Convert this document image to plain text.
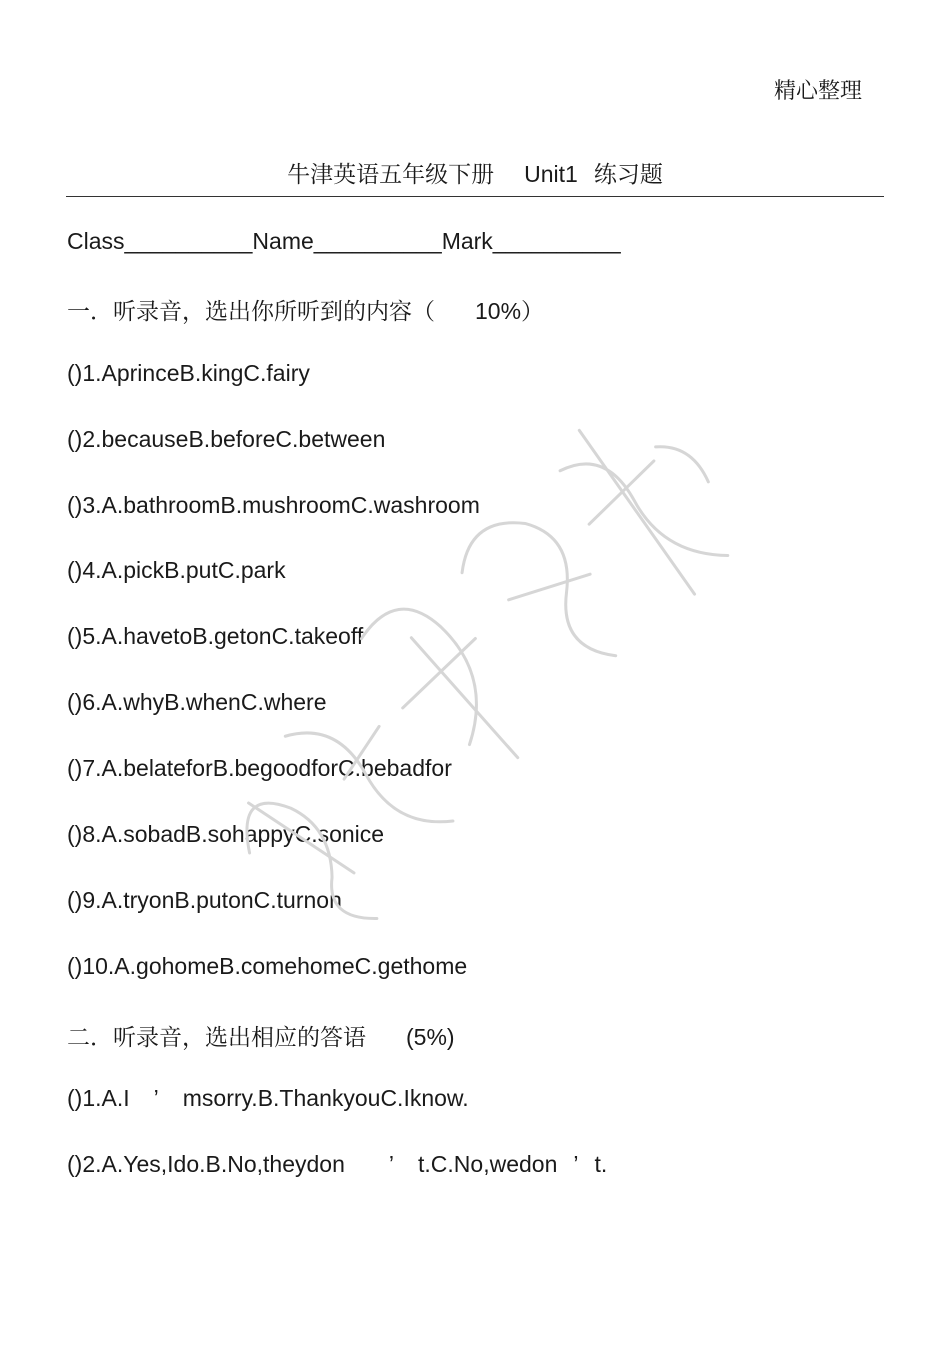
精心整理
牛津英语五年级下册 Unit1 练习题
Class__________Name__________Mark__________
一．听录音，选出你所听到的内容（ 10%）
()1.AprinceB.kingC.fairy
()2.becauseB.beforeC.between
()3.A.bathroomB.mushroomC.washroom
()4.A.pickB.putC.park
()5.A.havetoB.getonC.takeoff
()6.A.whyB.whenC.where
()7.A.belateforB.begoodforC.bebadfor
()8.A.sobadB.sohappyC.sonice
()9.A.tryonB.putonC.turnon
()10.A.gohomeB.comehomeC.gethome
二．听录音，选出相应的答语 (5%)
()1.A.I ’ msorry.B.ThankyouC.Iknow.
()2.A.Yes,Ido.B.No,theydon ’ t.C.No,wedon ’ t.
